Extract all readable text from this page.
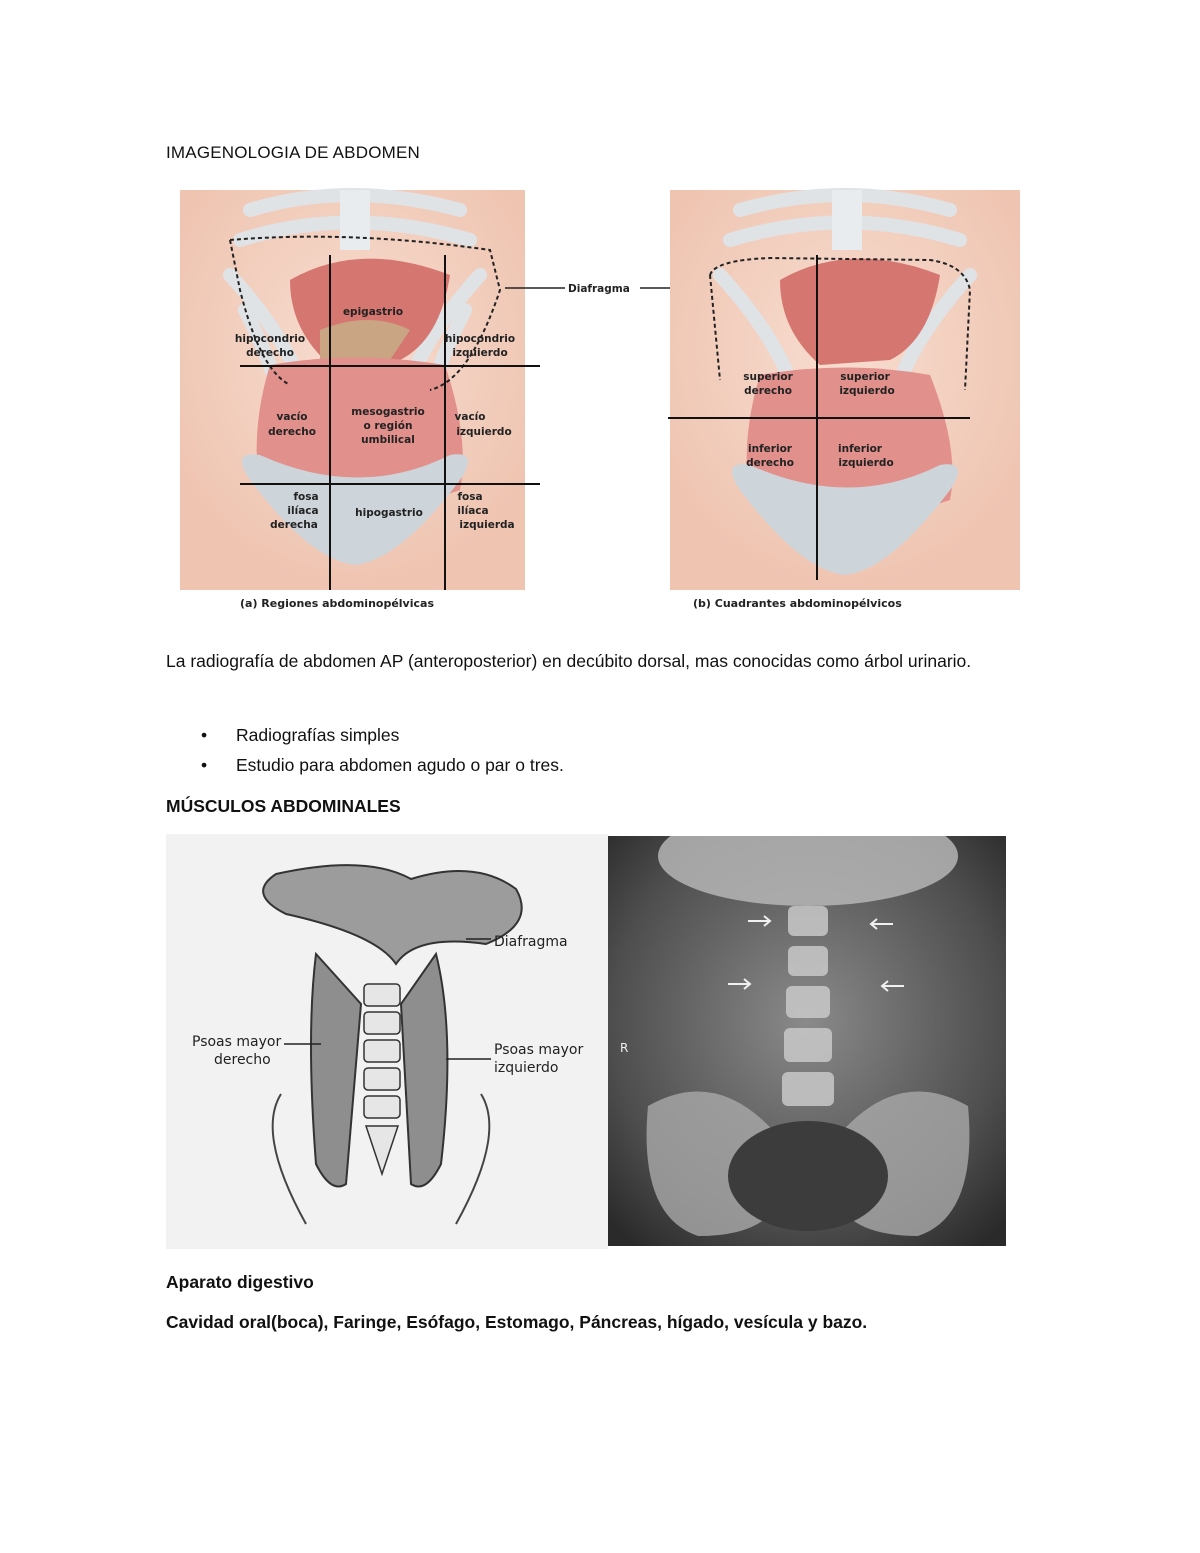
IMAGENOLOGIA DE ABDOMEN
epigastrio
hipocondrio
derecho
hipocondrio
izquierdo
vacío
derecho
mesogastrio
o región
umbilical
vacío
izquierdo
fosa
ilíaca
derecha
hipogastrio
fosa
ilíaca
izquierda
(a) Regiones abdominopélvicas
Diafragma
superior
derecho
superior
izquierdo
inferior
derecho
inferior
izquierdo
(b) Cuadrantes abdominopélvicos
La radiografía de abdomen AP (anteroposterior) en decúbito dorsal, mas conocidas como árbol urinario.
• Radiografías simples
• Estudio para abdomen agudo o par o tres.
MÚSCULOS ABDOMINALES
Diafragma
Psoas mayor
derecho
Psoas mayor
izquierdo
R
Aparato digestivo
Cavidad oral(boca), Faringe, Esófago, Estomago, Páncreas, hígado, vesícula y bazo.
